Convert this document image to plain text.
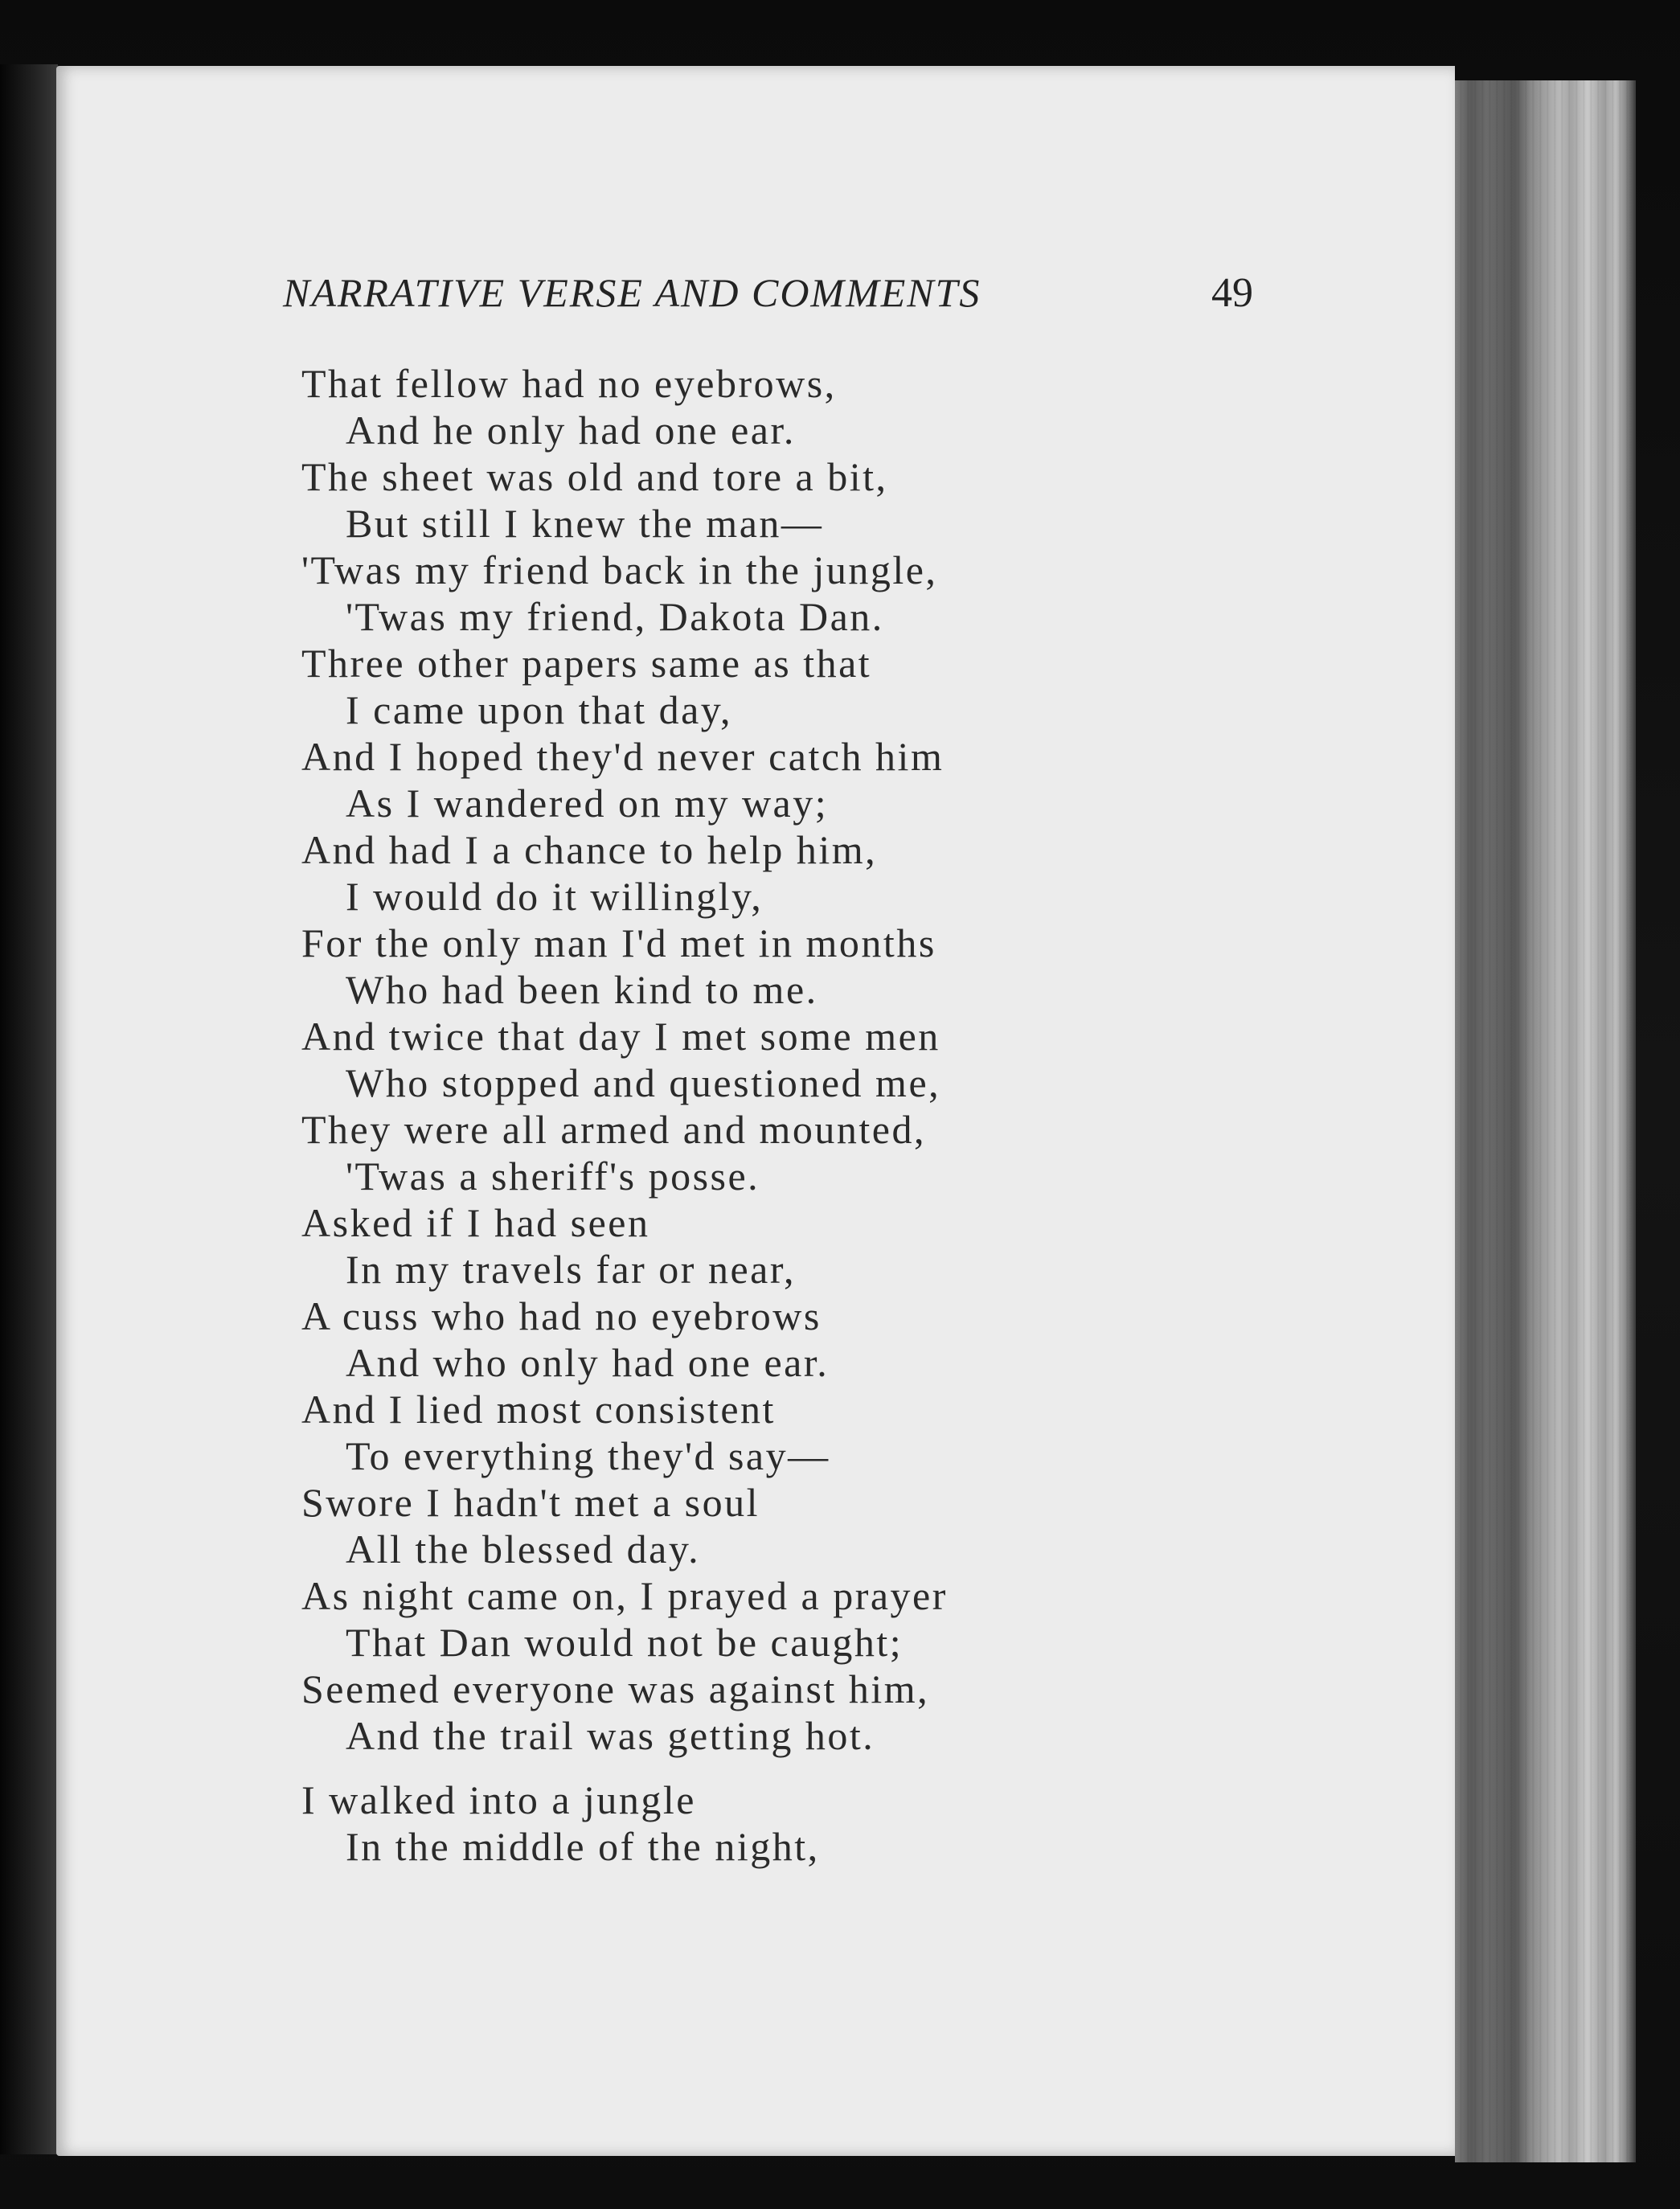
NARRATIVE VERSE AND COMMENTS	49
That fellow had no eyebrows,
And he only had one ear.
The sheet was old and tore a bit,
But still I knew the man—
'Twas my friend back in the jungle,
'Twas my friend, Dakota Dan.
Three other papers same as that
I came upon that day,
And I hoped they'd never catch him
As I wandered on my way;
And had I a chance to help him,
I would do it willingly,
For the only man I'd met in months
Who had been kind to me.
And twice that day I met some men
Who stopped and questioned me,
They were all armed and mounted,
'Twas a sheriff's posse.
Asked if I had seen
In my travels far or near,
A cuss who had no eyebrows
And who only had one ear.
And I lied most consistent
To everything they'd say—
Swore I hadn't met a soul
All the blessed day.
As night came on, I prayed a prayer
That Dan would not be caught;
Seemed everyone was against him,
And the trail was getting hot.
I walked into a jungle
In the middle of the night,
